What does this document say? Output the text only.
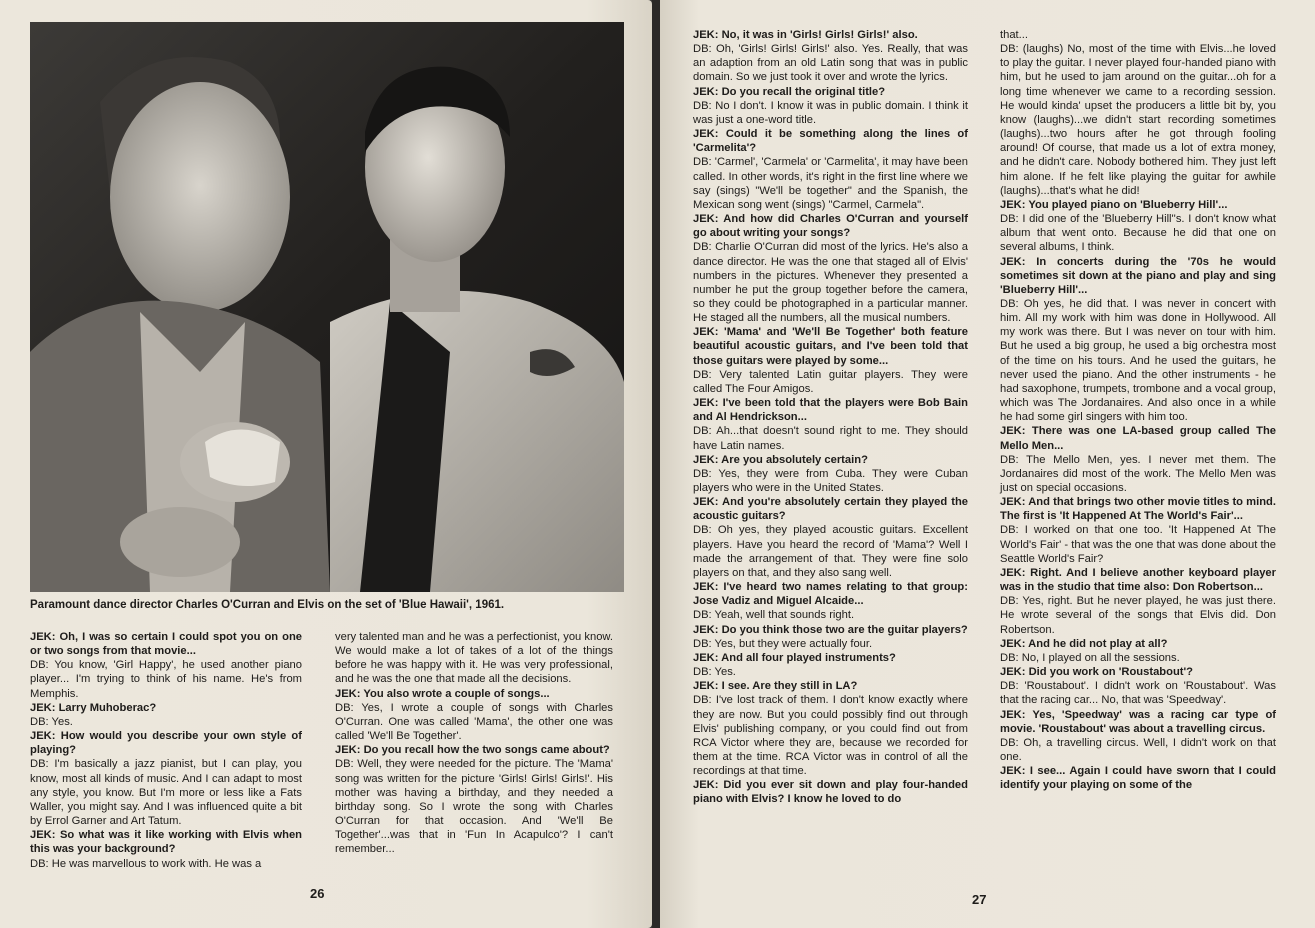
Paramount dance director Charles O'Curran and Elvis on the set of 'Blue Hawaii', 1961.

JEK: Oh, I was so certain I could spot you on one or two songs from that movie...

DB: You know, 'Girl Happy', he used another piano player... I'm trying to think of his name. He's from Memphis.

JEK: Larry Muhoberac?

DB: Yes.

JEK: How would you describe your own style of playing?

DB: I'm basically a jazz pianist, but I can play, you know, most all kinds of music. And I can adapt to most any style, you know. But I'm more or less like a Fats Waller, you might say. And I was influenced quite a bit by Errol Garner and Art Tatum.

JEK: So what was it like working with Elvis when this was your background?

DB: He was marvellous to work with. He was a

very talented man and he was a perfectionist, you know. We would make a lot of takes of a lot of the things before he was happy with it. He was very professional, and he was the one that made all the decisions.

JEK: You also wrote a couple of songs...

DB: Yes, I wrote a couple of songs with Charles O'Curran. One was called 'Mama', the other one was called 'We'll Be Together'.

JEK: Do you recall how the two songs came about?

DB: Well, they were needed for the picture. The 'Mama' song was written for the picture 'Girls! Girls! Girls!'. His mother was having a birthday, and they needed a birthday song. So I wrote the song with Charles O'Curran for that occasion. And 'We'll Be Together'...was that in 'Fun In Acapulco'? I can't remember...

26

JEK: No, it was in 'Girls! Girls! Girls!' also.

DB: Oh, 'Girls! Girls! Girls!' also. Yes. Really, that was an adaption from an old Latin song that was in public domain. So we just took it over and wrote the lyrics.

JEK: Do you recall the original title?

DB: No I don't. I know it was in public domain. I think it was just a one-word title.

JEK: Could it be something along the lines of 'Carmelita'?

DB: 'Carmel', 'Carmela' or 'Carmelita', it may have been called. In other words, it's right in the first line where we say (sings) "We'll be together" and the Spanish, the Mexican song went (sings) "Carmel, Carmela".

JEK: And how did Charles O'Curran and yourself go about writing your songs?

DB: Charlie O'Curran did most of the lyrics. He's also a dance director. He was the one that staged all of Elvis' numbers in the pictures. Whenever they presented a number he put the group together before the camera, so they could be photographed in a particular manner. He staged all the numbers, all the musical numbers.

JEK: 'Mama' and 'We'll Be Together' both feature beautiful acoustic guitars, and I've been told that those guitars were played by some...

DB: Very talented Latin guitar players. They were called The Four Amigos.

JEK: I've been told that the players were Bob Bain and Al Hendrickson...

DB: Ah...that doesn't sound right to me. They should have Latin names.

JEK: Are you absolutely certain?

DB: Yes, they were from Cuba. They were Cuban players who were in the United States.

JEK: And you're absolutely certain they played the acoustic guitars?

DB: Oh yes, they played acoustic guitars. Excellent players. Have you heard the record of 'Mama'? Well I made the arrangement of that. They were fine solo players on that, and they also sang well.

JEK: I've heard two names relating to that group: Jose Vadiz and Miguel Alcaide...

DB: Yeah, well that sounds right.

JEK: Do you think those two are the guitar players?

DB: Yes, but they were actually four.

JEK: And all four played instruments?

DB: Yes.

JEK: I see. Are they still in LA?

DB: I've lost track of them. I don't know exactly where they are now. But you could possibly find out through Elvis' publishing company, or you could find out from RCA Victor where they are, because we recorded for them at the time. RCA Victor was in control of all the recordings at that time.

JEK: Did you ever sit down and play four-handed piano with Elvis? I know he loved to do

that...

DB: (laughs) No, most of the time with Elvis...he loved to play the guitar. I never played four-handed piano with him, but he used to jam around on the guitar...oh for a long time whenever we came to a recording session. He would kinda' upset the producers a little bit by, you know (laughs)...we didn't start recording sometimes (laughs)...two hours after he got through fooling around! Of course, that made us a lot of extra money, and he didn't care. Nobody bothered him. They just left him alone. If he felt like playing the guitar for awhile (laughs)...that's what he did!

JEK: You played piano on 'Blueberry Hill'...

DB: I did one of the 'Blueberry Hill''s. I don't know what album that went onto. Because he did that one on several albums, I think.

JEK: In concerts during the '70s he would sometimes sit down at the piano and play and sing 'Blueberry Hill'...

DB: Oh yes, he did that. I was never in concert with him. All my work with him was done in Hollywood. All my work was there. But I was never on tour with him. But he used a big group, he used a big orchestra most of the time on his tours. And he used the guitars, he never used the piano. And the other instruments - he had saxophone, trumpets, trombone and a vocal group, which was The Jordanaires. And also once in a while he had some girl singers with him too.

JEK: There was one LA-based group called The Mello Men...

DB: The Mello Men, yes. I never met them. The Jordanaires did most of the work. The Mello Men was just on special occasions.

JEK: And that brings two other movie titles to mind. The first is 'It Happened At The World's Fair'...

DB: I worked on that one too. 'It Happened At The World's Fair' - that was the one that was done about the Seattle World's Fair?

JEK: Right. And I believe another keyboard player was in the studio that time also: Don Robertson...

DB: Yes, right. But he never played, he was just there. He wrote several of the songs that Elvis did. Don Robertson.

JEK: And he did not play at all?

DB: No, I played on all the sessions.

JEK: Did you work on 'Roustabout'?

DB: 'Roustabout'. I didn't work on 'Roustabout'. Was that the racing car... No, that was 'Speedway'.

JEK: Yes, 'Speedway' was a racing car type of movie. 'Roustabout' was about a travelling circus.

DB: Oh, a travelling circus. Well, I didn't work on that one.

JEK: I see... Again I could have sworn that I could identify your playing on some of the

27
